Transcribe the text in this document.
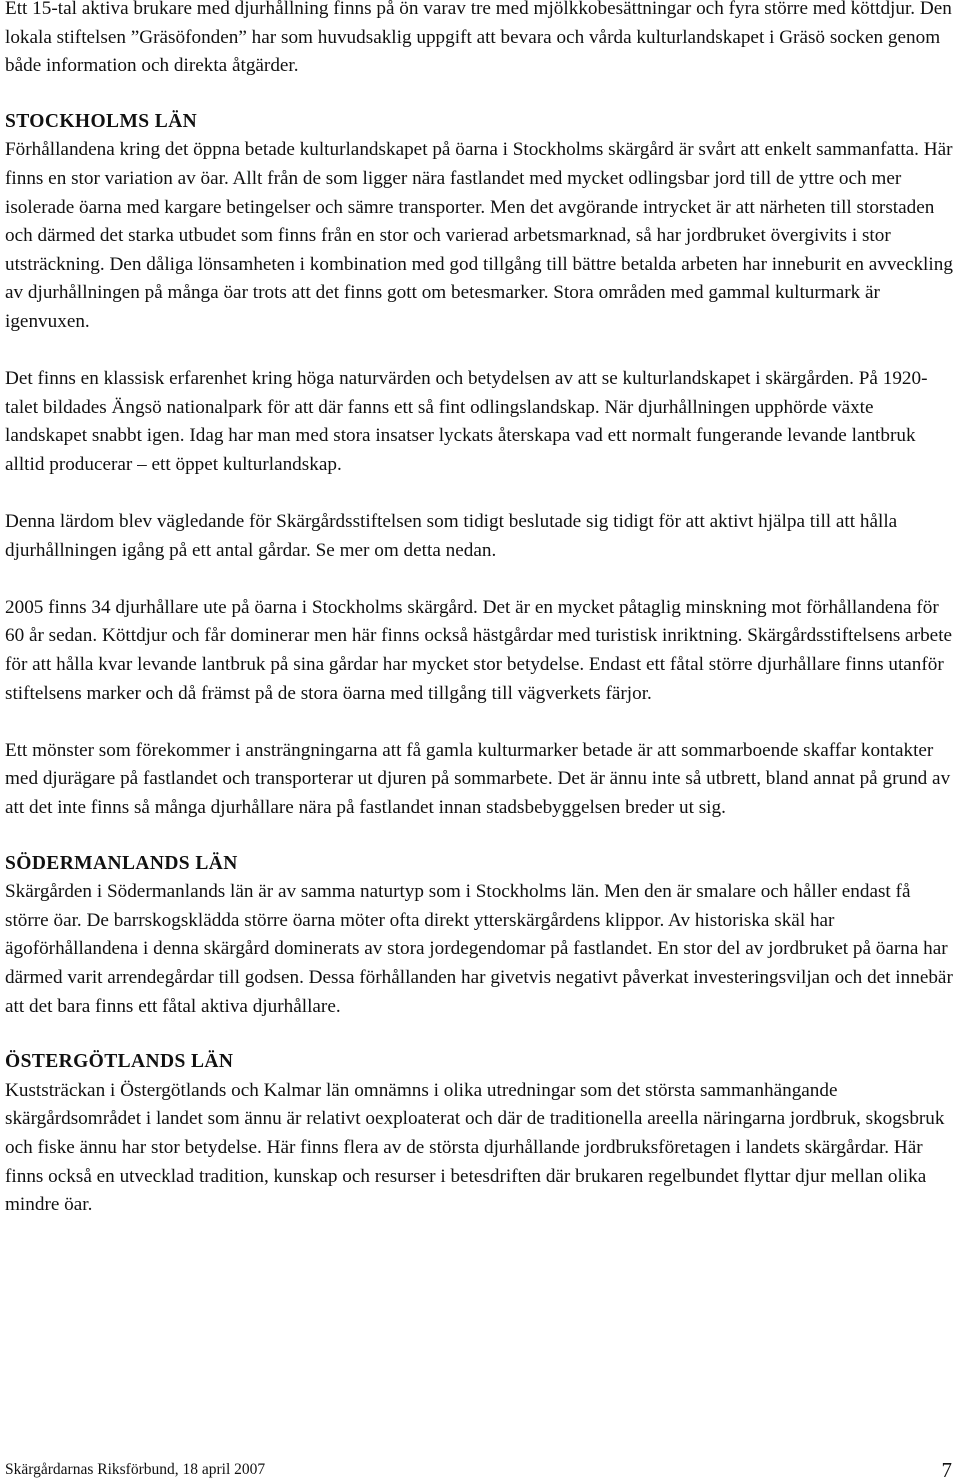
Ett 15-tal aktiva brukare med djurhållning finns på ön varav tre med mjölkkobesättningar och fyra större med köttdjur. Den lokala stiftelsen ”Gräsöfonden” har som huvudsaklig uppgift att bevara och vårda kulturlandskapet i Gräsö socken genom både information och direkta åtgärder.

STOCKHOLMS LÄN

Förhållandena kring det öppna betade kulturlandskapet på öarna i Stockholms skärgård är svårt att enkelt sammanfatta. Här finns en stor variation av öar. Allt från de som ligger nära fastlandet med mycket odlingsbar jord till de yttre och mer isolerade öarna med kargare betingelser och sämre transporter. Men det avgörande intrycket är att närheten till storstaden och därmed det starka utbudet som finns från en stor och varierad arbetsmarknad, så har jordbruket övergivits i stor utsträckning. Den dåliga lönsamheten i kombination med god tillgång till bättre betalda arbeten har inneburit en avveckling av djurhållningen på många öar trots att det finns gott om betesmarker. Stora områden med gammal kulturmark är igenvuxen.

Det finns en klassisk erfarenhet kring höga naturvärden och betydelsen av att se kulturlandskapet i skärgården. På 1920-talet bildades Ängsö nationalpark för att där fanns ett så fint odlingslandskap. När djurhållningen upphörde växte landskapet snabbt igen. Idag har man med stora insatser lyckats återskapa vad ett normalt fungerande levande lantbruk alltid producerar – ett öppet kulturlandskap.

Denna lärdom blev vägledande för Skärgårdsstiftelsen som tidigt beslutade sig tidigt för att aktivt hjälpa till att hålla djurhållningen igång på ett antal gårdar. Se mer om detta nedan.

2005 finns 34 djurhållare ute på öarna i Stockholms skärgård. Det är en mycket påtaglig minskning mot förhållandena för 60 år sedan. Köttdjur och får dominerar men här finns också hästgårdar med turistisk inriktning. Skärgårdsstiftelsens arbete för att hålla kvar levande lantbruk på sina gårdar har mycket stor betydelse. Endast ett fåtal större djurhållare finns utanför stiftelsens marker och då främst på de stora öarna med tillgång till vägverkets färjor.

Ett mönster som förekommer i ansträngningarna att få gamla kulturmarker betade är att sommarboende skaffar kontakter med djurägare på fastlandet och transporterar ut djuren på sommarbete. Det är ännu inte så utbrett, bland annat på grund av att det inte finns så många djurhållare nära på fastlandet innan stadsbebyggelsen breder ut sig.

SÖDERMANLANDS LÄN

Skärgården i Södermanlands län är av samma naturtyp som i Stockholms län. Men den är smalare och håller endast få större öar. De barrskogsklädda större öarna möter ofta direkt ytterskärgårdens klippor. Av historiska skäl har ägoförhållandena i denna skärgård dominerats av stora jordegendomar på fastlandet. En stor del av jordbruket på öarna har därmed varit arrendegårdar till godsen. Dessa förhållanden har givetvis negativt påverkat investeringsviljan och det innebär att det bara finns ett fåtal aktiva djurhållare.

ÖSTERGÖTLANDS LÄN

Kuststräckan i Östergötlands och Kalmar län omnämns i olika utredningar som det största sammanhängande skärgårdsområdet i landet som ännu är relativt oexploaterat och där de traditionella areella näringarna jordbruk, skogsbruk och fiske ännu har stor betydelse. Här finns flera av de största djurhållande jordbruksföretagen i landets skärgårdar. Här finns också en utvecklad tradition, kunskap och resurser i betesdriften där brukaren regelbundet flyttar djur mellan olika mindre öar.

Skärgårdarnas Riksförbund, 18 april 2007	7
